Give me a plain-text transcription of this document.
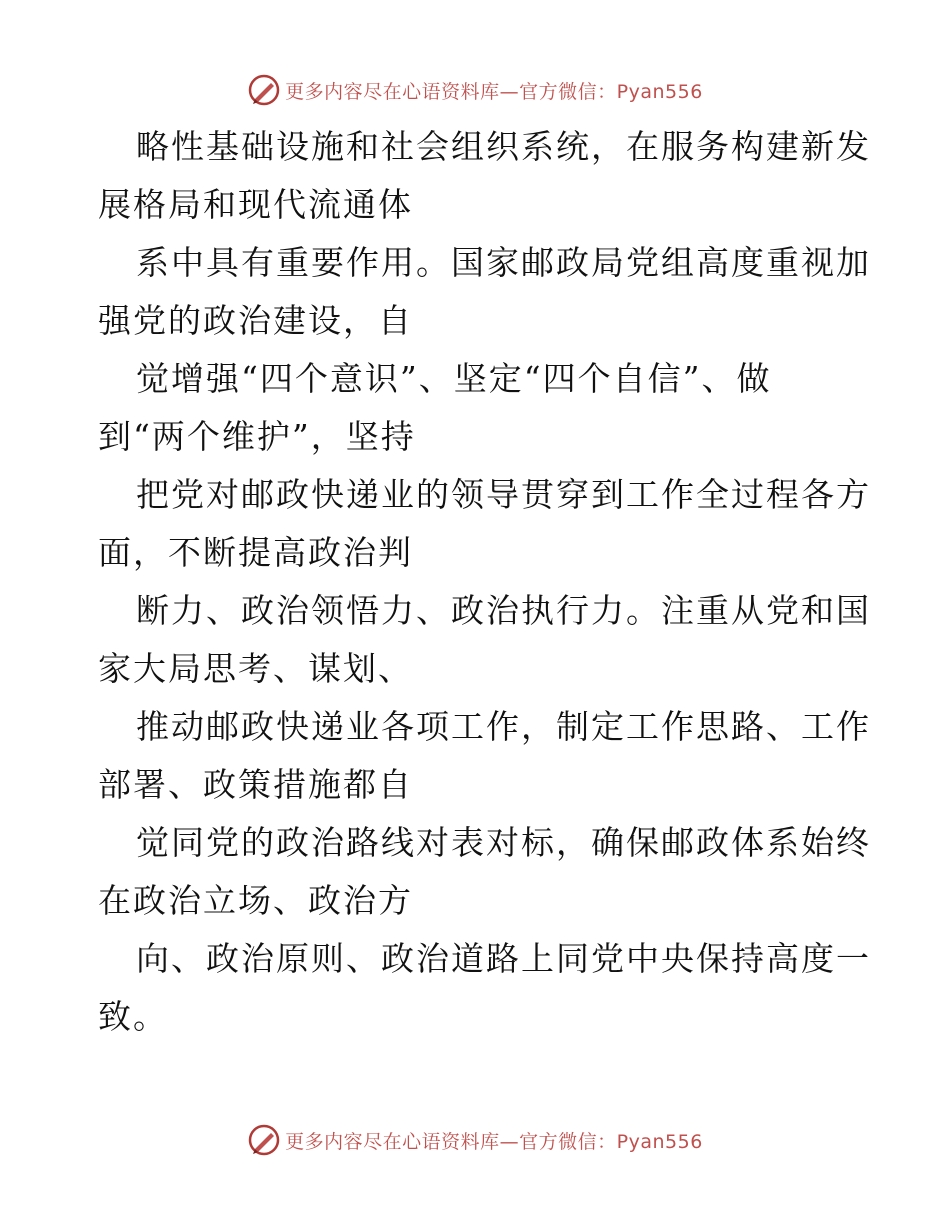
更多内容尽在心语资料库—官方微信：Pyan556
略性基础设施和社会组织系统，在服务构建新发
展格局和现代流通体
系中具有重要作用。国家邮政局党组高度重视加
强党的政治建设，自
觉增强“四个意识”、坚定“四个自信”、做
到“两个维护”，坚持
把党对邮政快递业的领导贯穿到工作全过程各方
面，不断提高政治判
断力、政治领悟力、政治执行力。注重从党和国
家大局思考、谋划、
推动邮政快递业各项工作，制定工作思路、工作
部署、政策措施都自
觉同党的政治路线对表对标，确保邮政体系始终
在政治立场、政治方
向、政治原则、政治道路上同党中央保持高度一
致。
更多内容尽在心语资料库—官方微信：Pyan556
